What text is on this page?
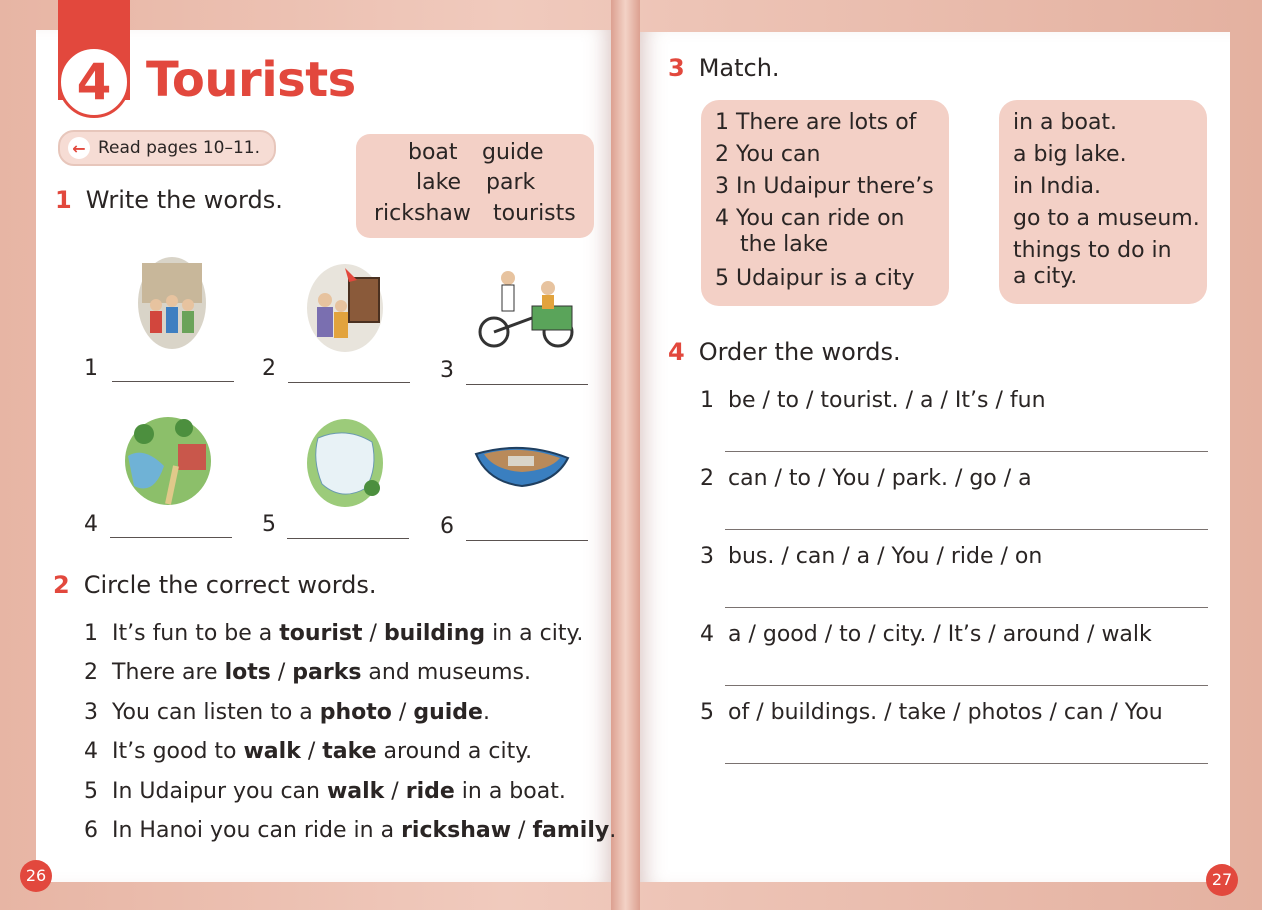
4 Tourists
← Read pages 10–11.
1 Write the words.
boat guide
lake park
rickshaw tourists
1	2	3
4	5	6
2 Circle the correct words.
1 It’s fun to be a tourist / building in a city.
2 There are lots / parks and museums.
3 You can listen to a photo / guide.
4 It’s good to walk / take around a city.
5 In Udaipur you can walk / ride in a boat.
6 In Hanoi you can ride in a rickshaw / family.
26
3 Match.
1 There are lots of
2 You can
3 In Udaipur there’s
4 You can ride on
the lake
5 Udaipur is a city
in a boat.
a big lake.
in India.
go to a museum.
things to do in
a city.
4 Order the words.
1 be / to / tourist. / a / It’s / fun
2 can / to / You / park. / go / a
3 bus. / can / a / You / ride / on
4 a / good / to / city. / It’s / around / walk
5 of / buildings. / take / photos / can / You
27
